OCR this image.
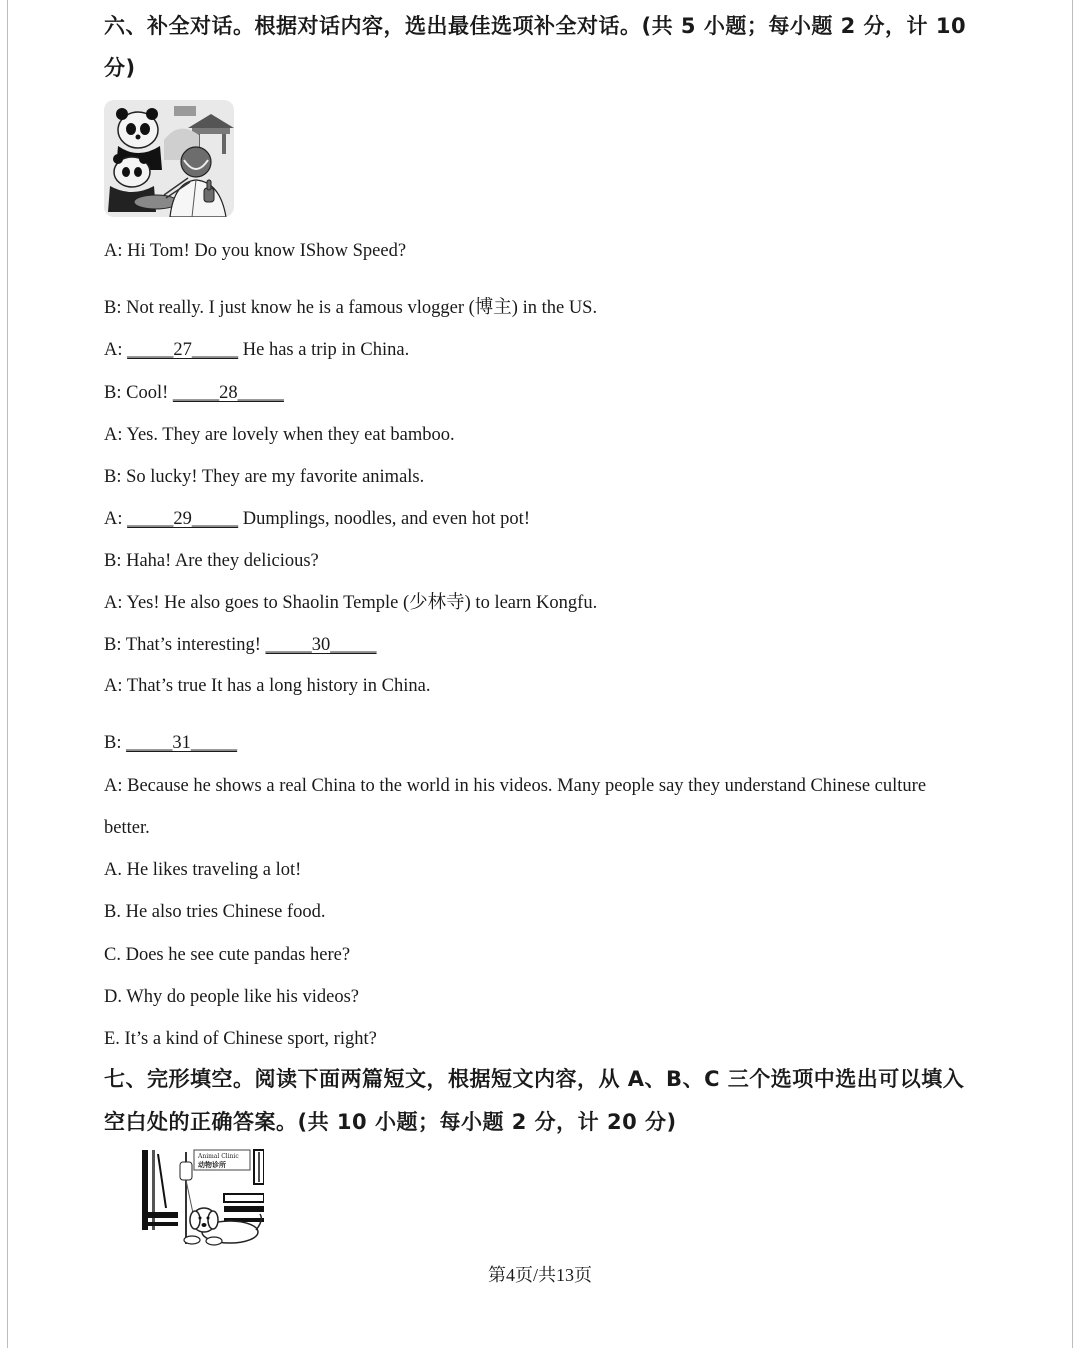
六、补全对话。根据对话内容，选出最佳选项补全对话。(共 5 小题；每小题 2 分，计 10
分)
A: Hi Tom! Do you know IShow Speed?
B: Not really. I just know he is a famous vlogger (博主) in the US.
A: _____27_____ He has a trip in China.
B: Cool! _____28_____
A: Yes. They are lovely when they eat bamboo.
B: So lucky! They are my favorite animals.
A: _____29_____ Dumplings, noodles, and even hot pot!
B: Haha! Are they delicious?
A: Yes! He also goes to Shaolin Temple (少林寺) to learn Kongfu.
B: That’s interesting! _____30_____
A: That’s true It has a long history in China.
B: _____31_____
A: Because he shows a real China to the world in his videos. Many people say they understand Chinese culture
better.
A. He likes traveling a lot!
B. He also tries Chinese food.
C. Does he see cute pandas here?
D. Why do people like his videos?
E. It’s a kind of Chinese sport, right?
七、完形填空。阅读下面两篇短文，根据短文内容，从 A、B、C 三个选项中选出可以填入
空白处的正确答案。(共 10 小题；每小题 2 分，计 20 分)
Animal Clinic
动物诊所
第4页/共13页
